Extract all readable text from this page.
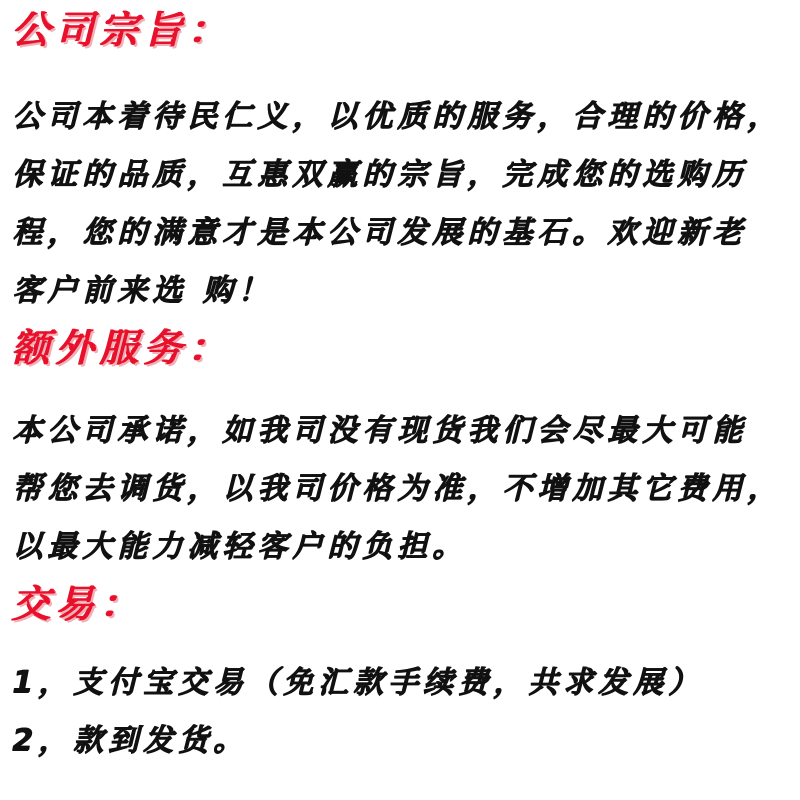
公司宗旨：
公司本着待民仁义，以优质的服务，合理的价格，
保证的品质，互惠双赢的宗旨，完成您的选购历
程，您的满意才是本公司发展的基石。欢迎新老
客户前来选 购！
额外服务：
本公司承诺，如我司没有现货我们会尽最大可能
帮您去调货，以我司价格为准，不增加其它费用，
以最大能力减轻客户的负担。
交易：
1，支付宝交易（免汇款手续费，共求发展）
2，款到发货。
